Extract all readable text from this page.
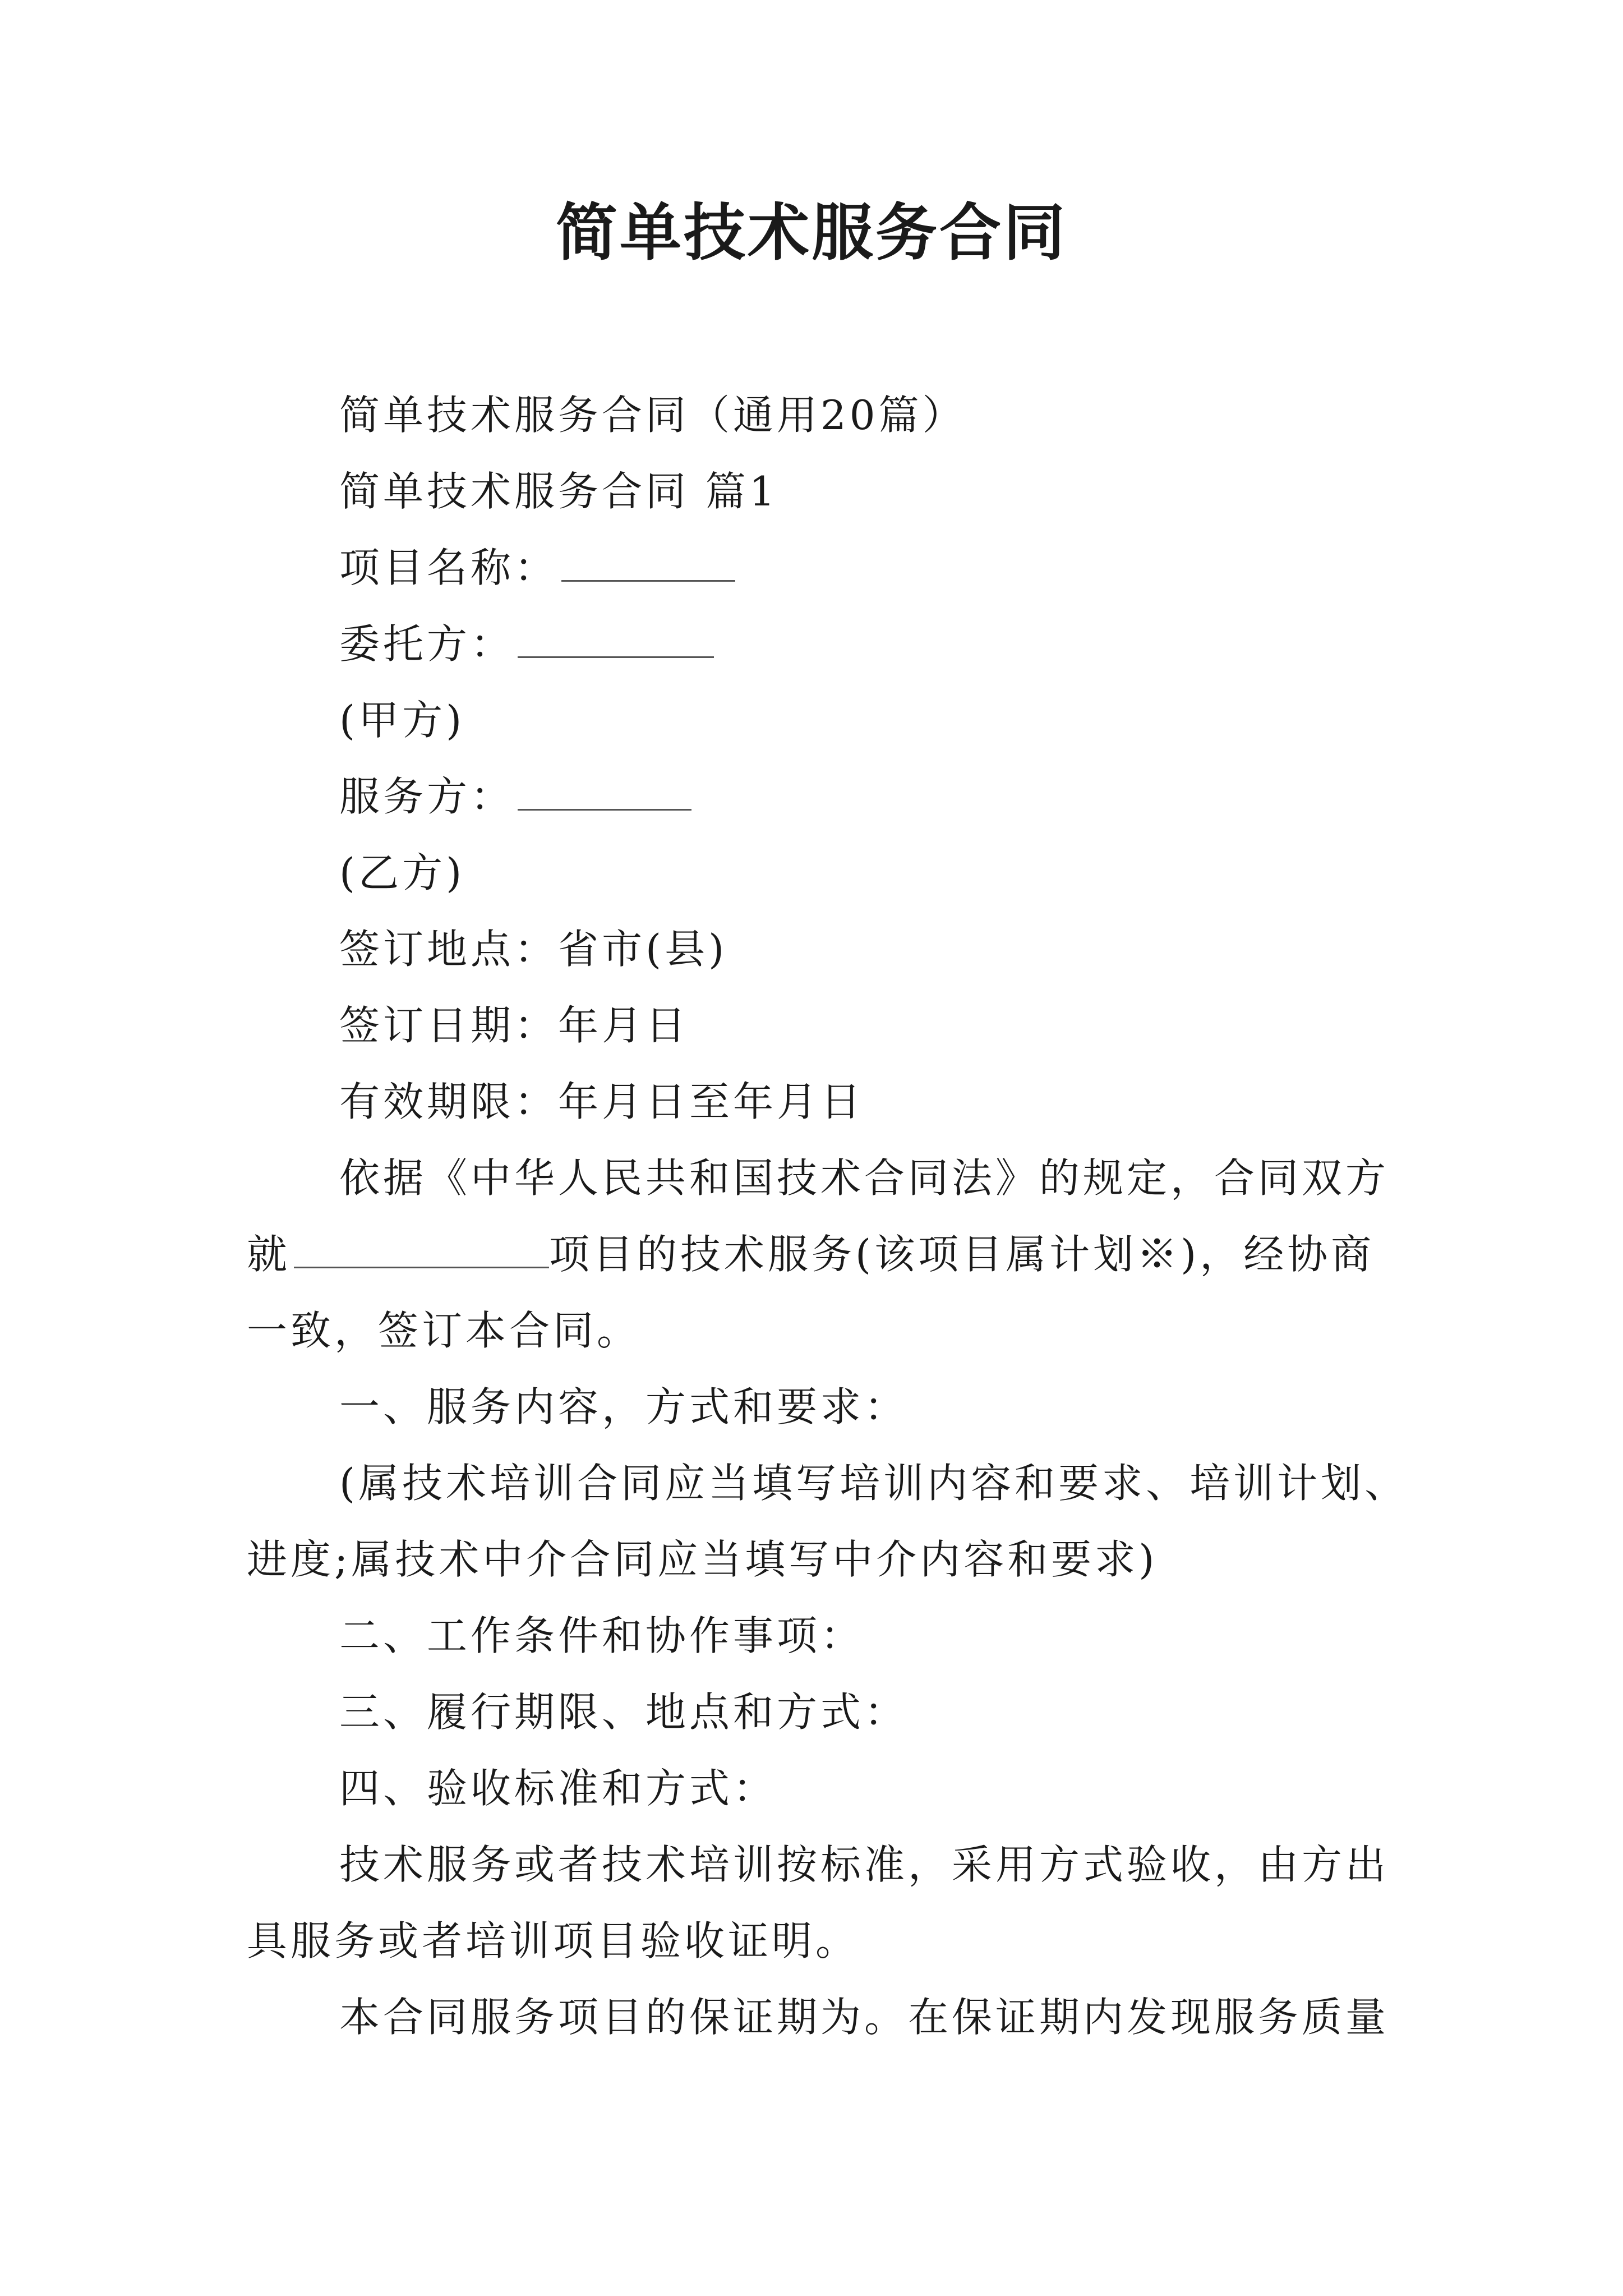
简单技术服务合同
简单技术服务合同（通用20篇）
简单技术服务合同 篇1
项目名称：
委托方：
(甲方)
服务方：
(乙方)
签订地点：省市(县)
签订日期：年月日
有效期限：年月日至年月日
依据《中华人民共和国技术合同法》的规定，合同双方
就	项目的技术服务(该项目属计划※)，经协商
一致，签订本合同。
一、服务内容，方式和要求：
(属技术培训合同应当填写培训内容和要求、培训计划、
进度;属技术中介合同应当填写中介内容和要求)
二、工作条件和协作事项：
三、履行期限、地点和方式：
四、验收标准和方式：
技术服务或者技术培训按标准，采用方式验收，由方出
具服务或者培训项目验收证明。
本合同服务项目的保证期为。在保证期内发现服务质量
